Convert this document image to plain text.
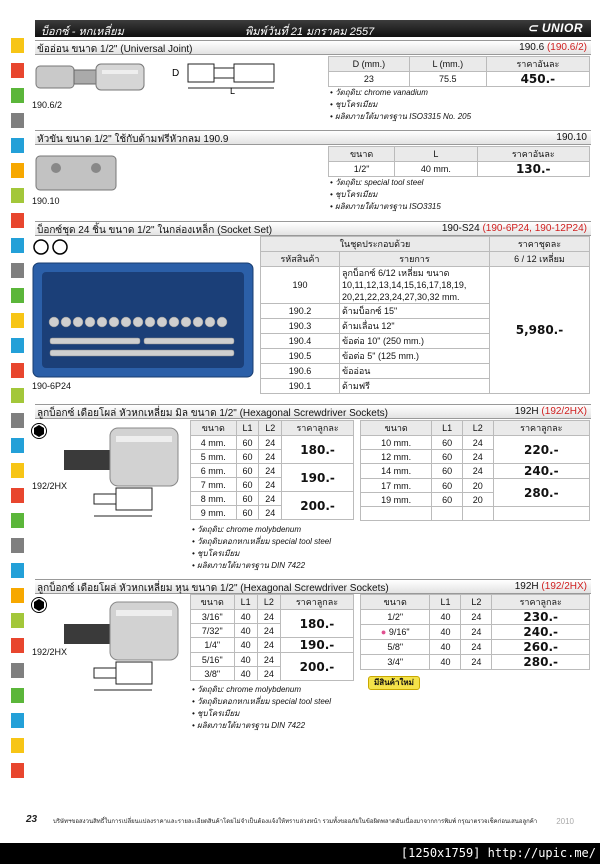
บ็อกซ์ - หกเหลี่ยม	พิมพ์วันที่ 21 มกราคม 2557	⊂ UNIOR
ข้ออ่อน ขนาด 1/2" (Universal Joint)	190.6 (190.6/2)
190.6/2
D
L
D (mm.)	L (mm.)	ราคาอันละ
23	75.5	450.-
• วัตถุดิบ: chrome vanadium
• ชุบโครเมียม
• ผลิตภายใต้มาตรฐาน ISO3315 No. 205
หัวขัน ขนาด 1/2" ใช้กับด้ามฟรีหัวกลม 190.9	190.10
190.10
ขนาด	L	ราคาอันละ
1/2"	40 mm.	130.-
• วัตถุดิบ: special tool steel
• ชุบโครเมียม
• ผลิตภายใต้มาตรฐาน ISO3315
บ็อกซ์ชุด 24 ชิ้น ขนาด 1/2" ในกล่องเหล็ก (Socket Set)	190-S24 (190-6P24, 190-12P24)
190-6P24
ในชุดประกอบด้วย		ราคาชุดละ
รหัสสินค้า	รายการ	6 / 12 เหลี่ยม
190	ลูกบ็อกซ์ 6/12 เหลี่ยม ขนาด 10,11,12,13,14,15,16,17,18,19, 20,21,22,23,24,27,30,32 mm.	5,980.-
190.2	ด้ามบ็อกซ์ 15"	
190.3	ด้ามเลื่อน 12"	
190.4	ข้อต่อ 10" (250 mm.)	
190.5	ข้อต่อ 5" (125 mm.)	
190.6	ข้ออ่อน	
190.1	ด้ามฟรี	
ลูกบ็อกซ์ เดือยโผล่ หัวหกเหลี่ยม มิล ขนาด 1/2" (Hexagonal Screwdriver Sockets)	192H (192/2HX)
192/2HX
ขนาด	L1	L2	ราคาลูกละ
4 mm.	60	24	180.-
5 mm.	60	24	
6 mm.	60	24	190.-
7 mm.	60	24	
8 mm.	60	24	200.-
9 mm.	60	24	
ขนาด	L1	L2	ราคาลูกละ
10 mm.	60	24	220.-
12 mm.	60	24	
14 mm.	60	24	240.-
17 mm.	60	20	280.-
19 mm.	60	20	

• วัตถุดิบ: chrome molybdenum
• วัตถุดิบดอกหกเหลี่ยม special tool steel
• ชุบโครเมียม
• ผลิตภายใต้มาตรฐาน DIN 7422
ลูกบ็อกซ์ เดือยโผล่ หัวหกเหลี่ยม หุน ขนาด 1/2" (Hexagonal Screwdriver Sockets)	192H (192/2HX)
192/2HX
ขนาด	L1	L2	ราคาลูกละ
3/16"	40	24	180.-
7/32"	40	24	
1/4"	40	24	190.-
5/16"	40	24	200.-
3/8"	40	24	
ขนาด	L1	L2	ราคาลูกละ
1/2"	40	24	230.-
● 9/16"	40	24	240.-
5/8"	40	24	260.-
3/4"	40	24	280.-
มีสินค้าใหม่
• วัตถุดิบ: chrome molybdenum
• วัตถุดิบดอกหกเหลี่ยม special tool steel
• ชุบโครเมียม
• ผลิตภายใต้มาตรฐาน DIN 7422
23	บริษัทฯขอสงวนสิทธิ์ในการเปลี่ยนแปลงราคาและรายละเอียดสินค้าโดยไม่จำเป็นต้องแจ้งให้ทราบล่วงหน้า รวมทั้งขออภัยในข้อผิดพลาดอันเนื่องมาจากการพิมพ์ กรุณาตรวจเช็คก่อนเสนอลูกค้า 2010
[1250x1759] http://upic.me/
